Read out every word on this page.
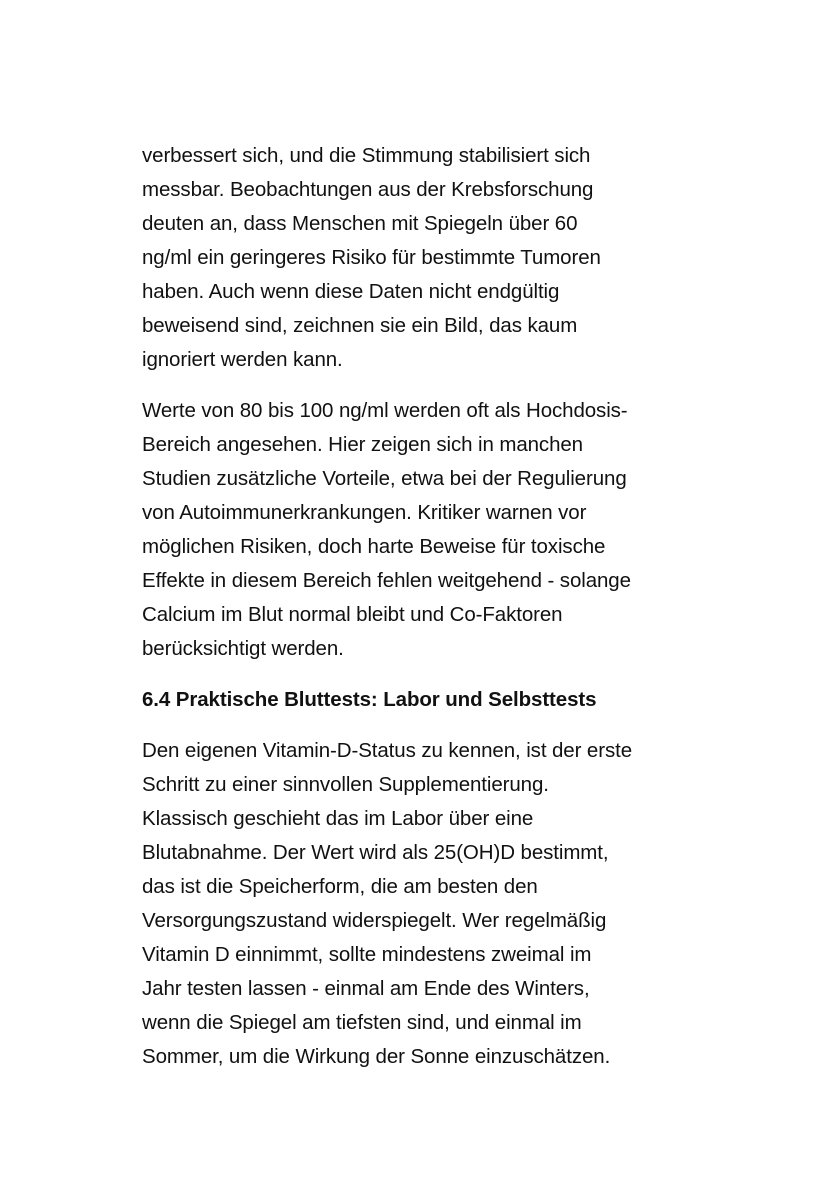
verbessert sich, und die Stimmung stabilisiert sich
messbar. Beobachtungen aus der Krebsforschung
deuten an, dass Menschen mit Spiegeln über 60
ng/ml ein geringeres Risiko für bestimmte Tumoren
haben. Auch wenn diese Daten nicht endgültig
beweisend sind, zeichnen sie ein Bild, das kaum
ignoriert werden kann.

Werte von 80 bis 100 ng/ml werden oft als Hochdosis-
Bereich angesehen. Hier zeigen sich in manchen
Studien zusätzliche Vorteile, etwa bei der Regulierung
von Autoimmunerkrankungen. Kritiker warnen vor
möglichen Risiken, doch harte Beweise für toxische
Effekte in diesem Bereich fehlen weitgehend - solange
Calcium im Blut normal bleibt und Co-Faktoren
berücksichtigt werden.

6.4 Praktische Bluttests: Labor und Selbsttests

Den eigenen Vitamin-D-Status zu kennen, ist der erste
Schritt zu einer sinnvollen Supplementierung.
Klassisch geschieht das im Labor über eine
Blutabnahme. Der Wert wird als 25(OH)D bestimmt,
das ist die Speicherform, die am besten den
Versorgungszustand widerspiegelt. Wer regelmäßig
Vitamin D einnimmt, sollte mindestens zweimal im
Jahr testen lassen - einmal am Ende des Winters,
wenn die Spiegel am tiefsten sind, und einmal im
Sommer, um die Wirkung der Sonne einzuschätzen.
